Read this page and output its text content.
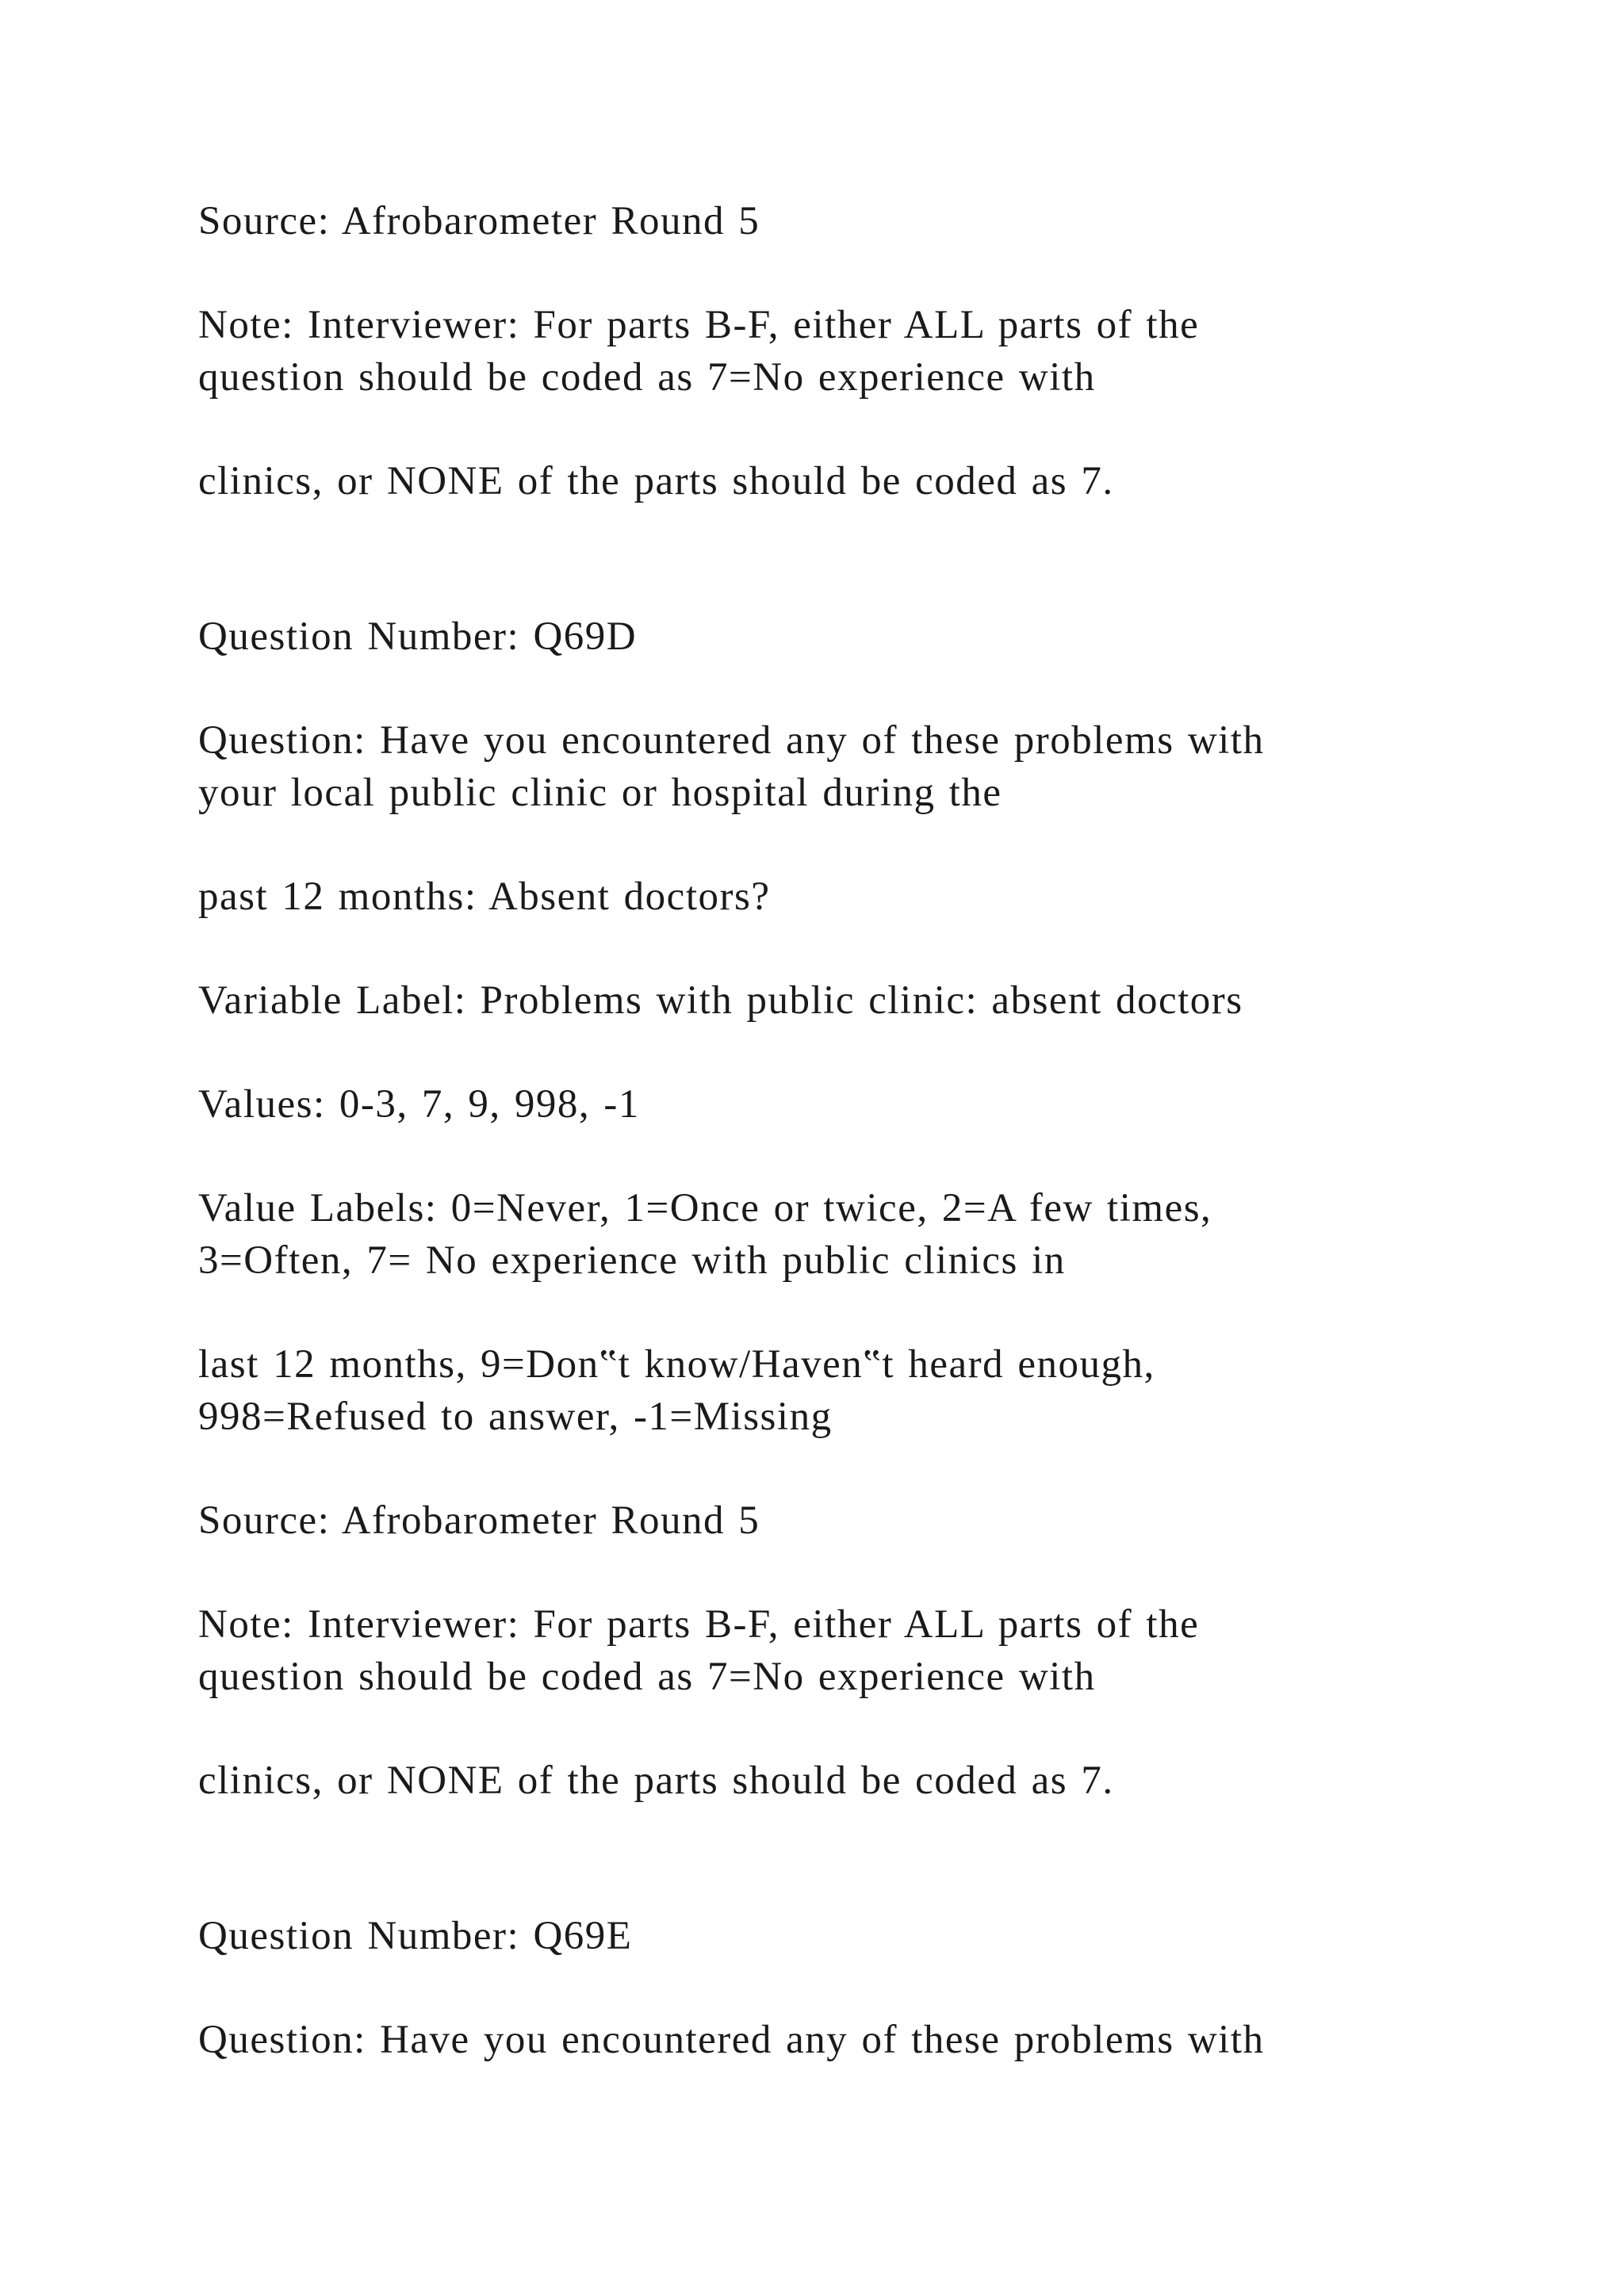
Source: Afrobarometer Round 5
Note: Interviewer: For parts B-F, either ALL parts of the
question should be coded as 7=No experience with
clinics, or NONE of the parts should be coded as 7.
Question Number: Q69D
Question: Have you encountered any of these problems with
your local public clinic or hospital during the
past 12 months: Absent doctors?
Variable Label: Problems with public clinic: absent doctors
Values: 0-3, 7, 9, 998, -1
Value Labels: 0=Never, 1=Once or twice, 2=A few times,
3=Often, 7= No experience with public clinics in
last 12 months, 9=Don‟t know/Haven‟t heard enough,
998=Refused to answer, -1=Missing
Source: Afrobarometer Round 5
Note: Interviewer: For parts B-F, either ALL parts of the
question should be coded as 7=No experience with
clinics, or NONE of the parts should be coded as 7.
Question Number: Q69E
Question: Have you encountered any of these problems with
